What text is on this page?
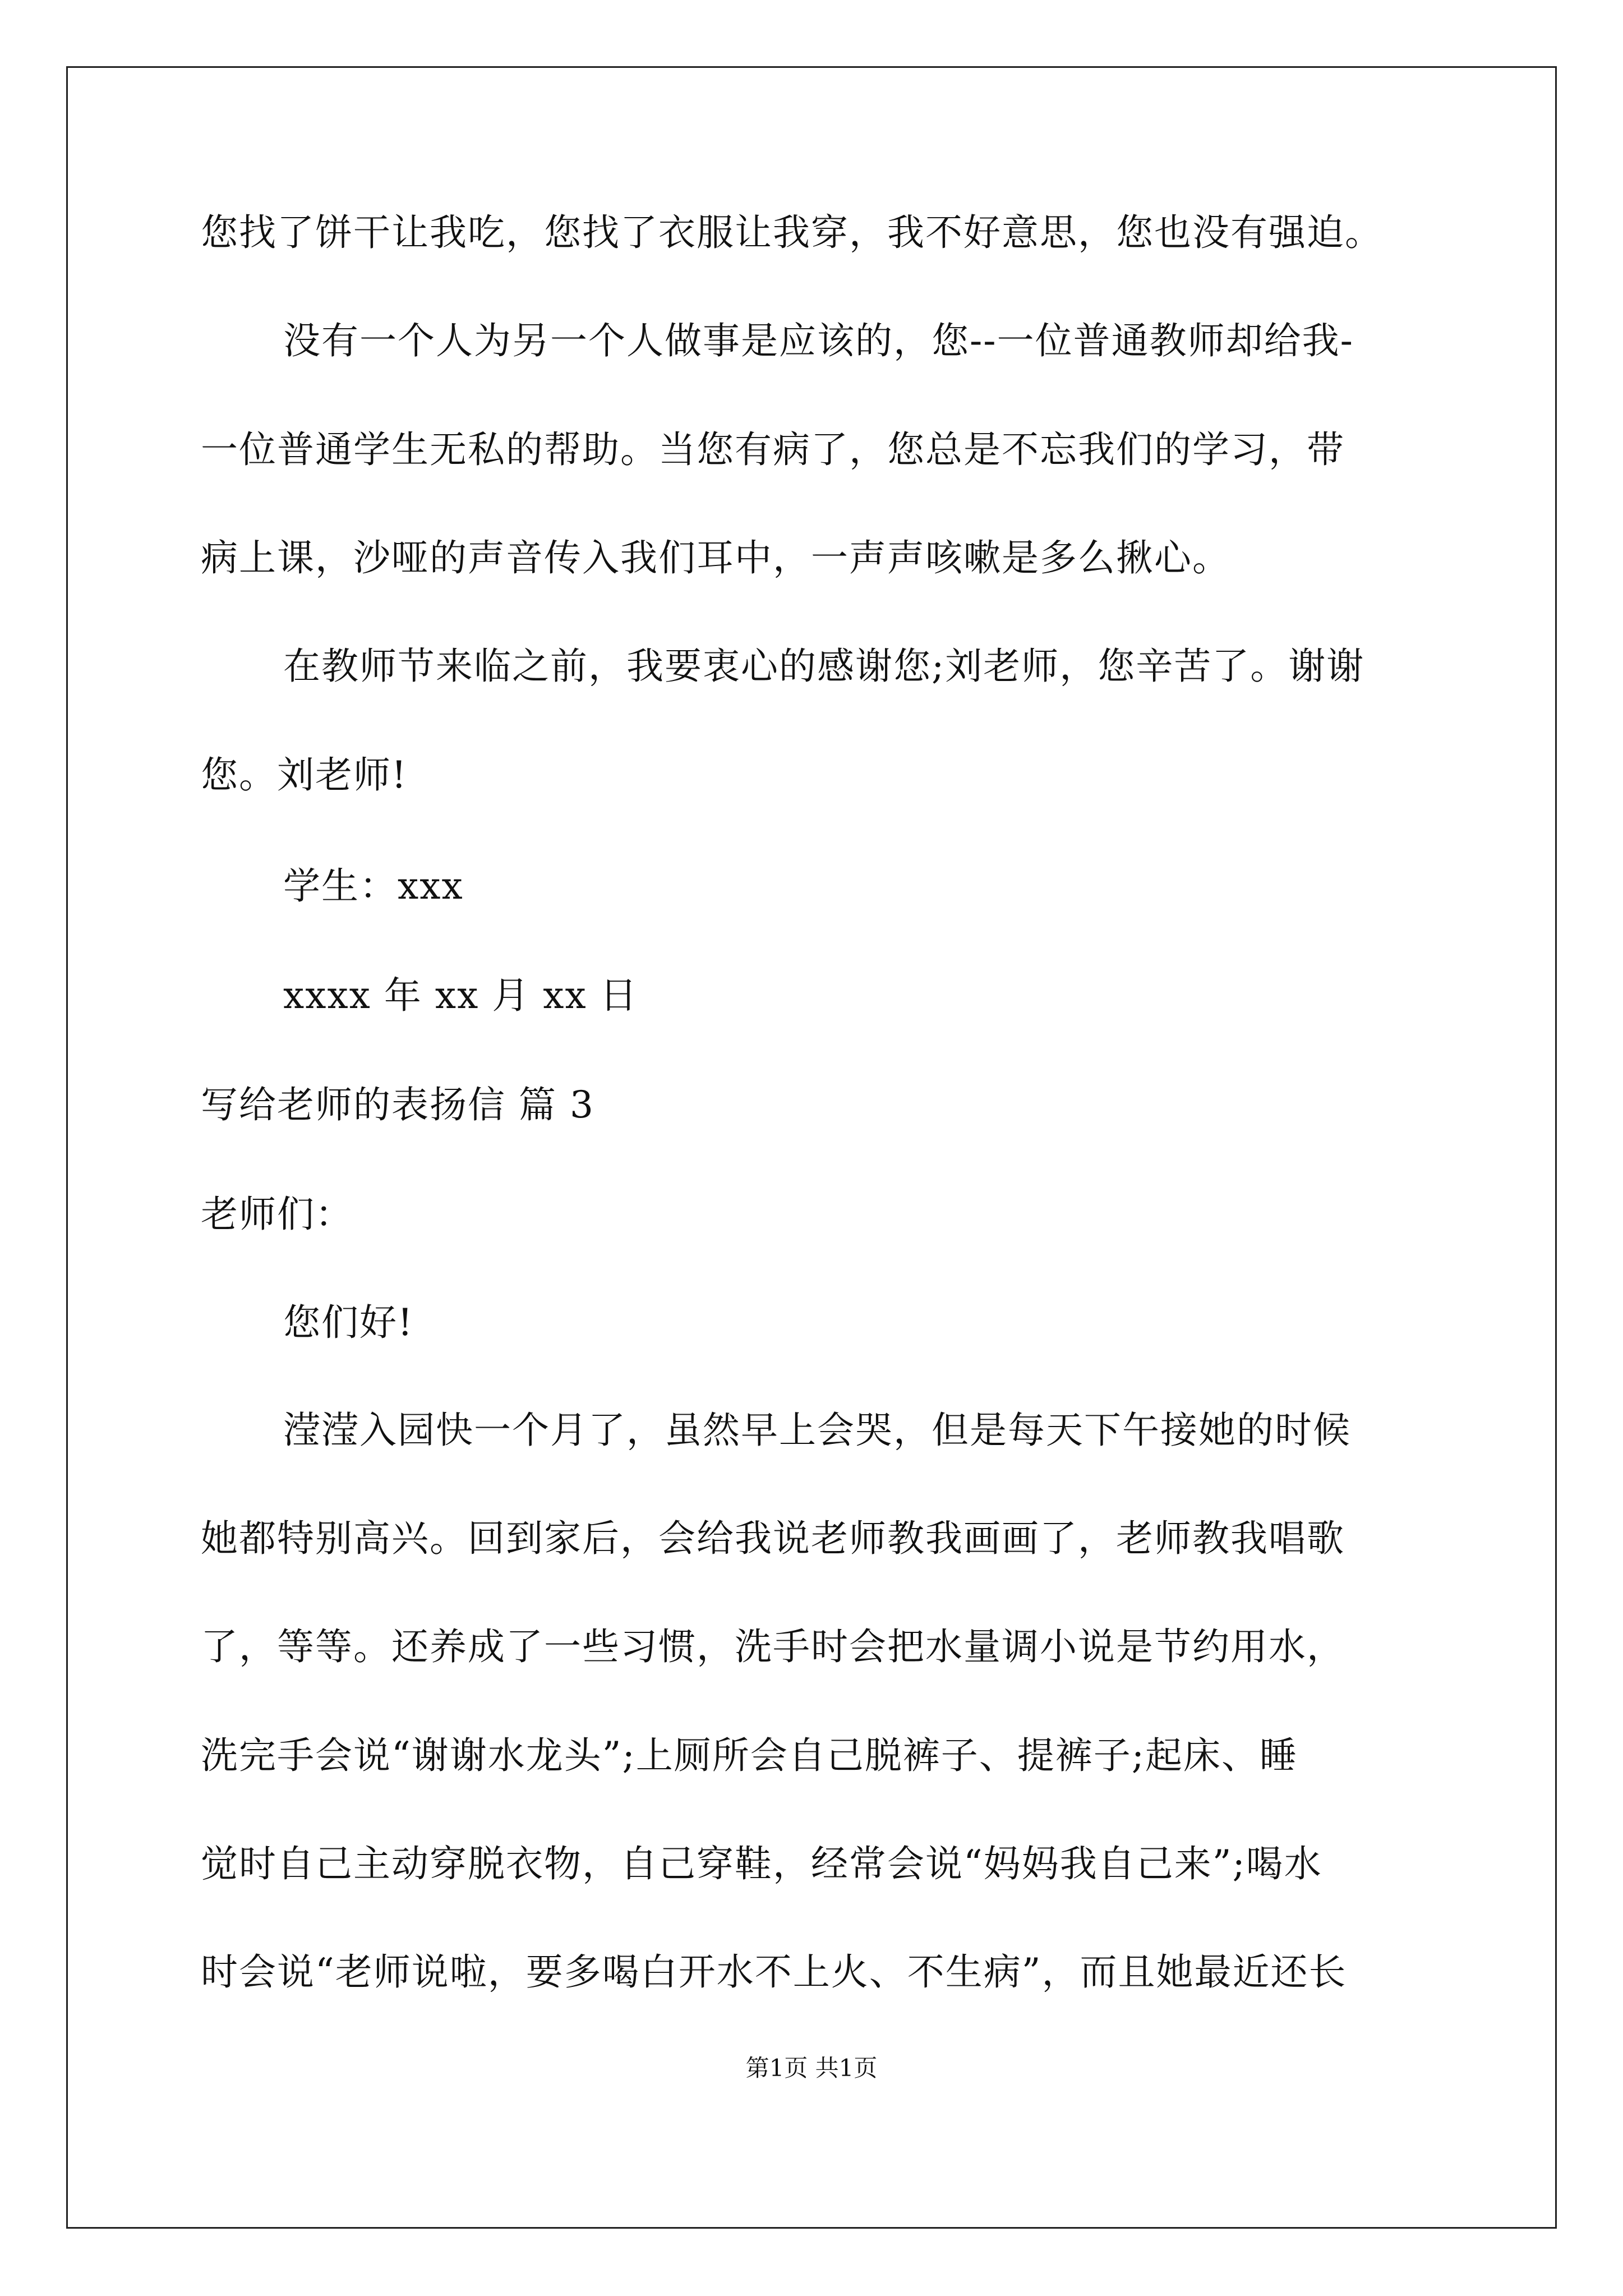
您找了饼干让我吃，您找了衣服让我穿，我不好意思，您也没有强迫。
没有一个人为另一个人做事是应该的，您--一位普通教师却给我-
一位普通学生无私的帮助。当您有病了，您总是不忘我们的学习，带
病上课，沙哑的声音传入我们耳中，一声声咳嗽是多么揪心。
在教师节来临之前，我要衷心的感谢您;刘老师，您辛苦了。谢谢
您。刘老师!
学生：xxx
xxxx 年 xx 月 xx 日
写给老师的表扬信 篇 3
老师们：
您们好!
滢滢入园快一个月了，虽然早上会哭，但是每天下午接她的时候
她都特别高兴。回到家后，会给我说老师教我画画了，老师教我唱歌
了，等等。还养成了一些习惯，洗手时会把水量调小说是节约用水，
洗完手会说“谢谢水龙头”;上厕所会自己脱裤子、提裤子;起床、睡
觉时自己主动穿脱衣物，自己穿鞋，经常会说“妈妈我自己来”;喝水
时会说“老师说啦，要多喝白开水不上火、不生病”，而且她最近还长
第1页 共1页
